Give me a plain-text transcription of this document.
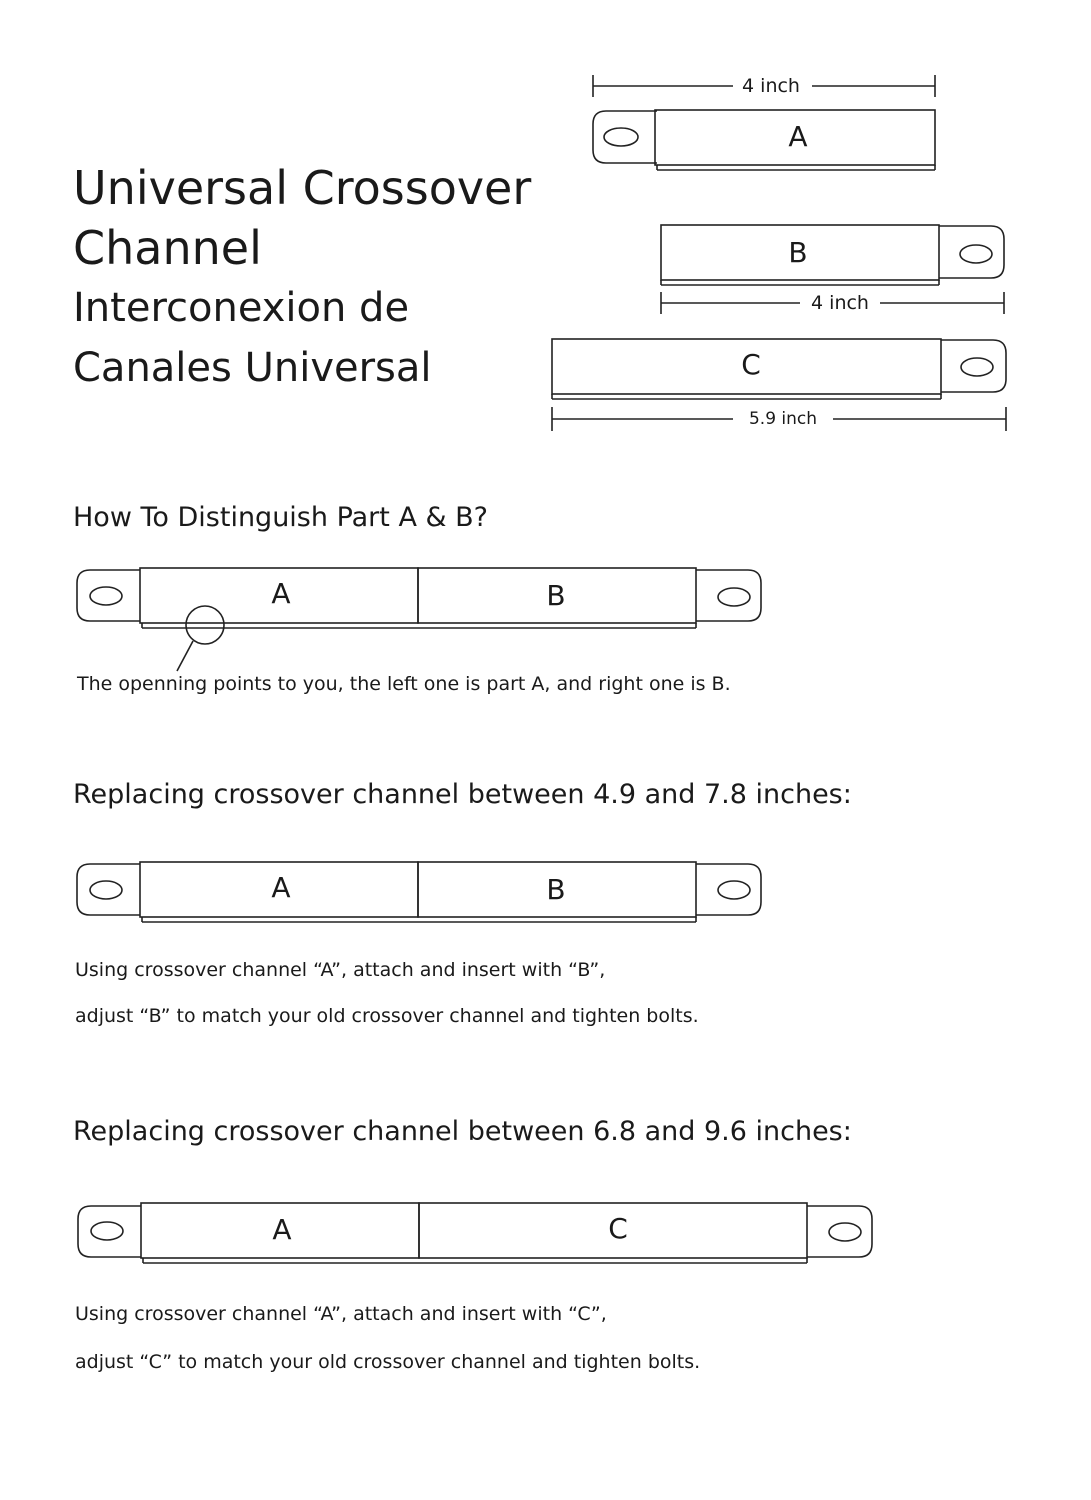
Universal Crossover
Channel
Interconexion de
Canales Universal
4 inch
A
B
4 inch
C
5.9 inch
A	B
A	B
A	C
How To Distinguish Part A & B?

The openning points to you, the left one is part A, and right one is B.

Replacing crossover channel between 4.9 and 7.8 inches:

Using crossover channel “A”, attach and insert with “B”,

adjust “B” to match your old crossover channel and tighten bolts.

Replacing crossover channel between 6.8 and 9.6 inches:

Using crossover channel “A”, attach and insert with “C”,

adjust “C” to match your old crossover channel and tighten bolts.
